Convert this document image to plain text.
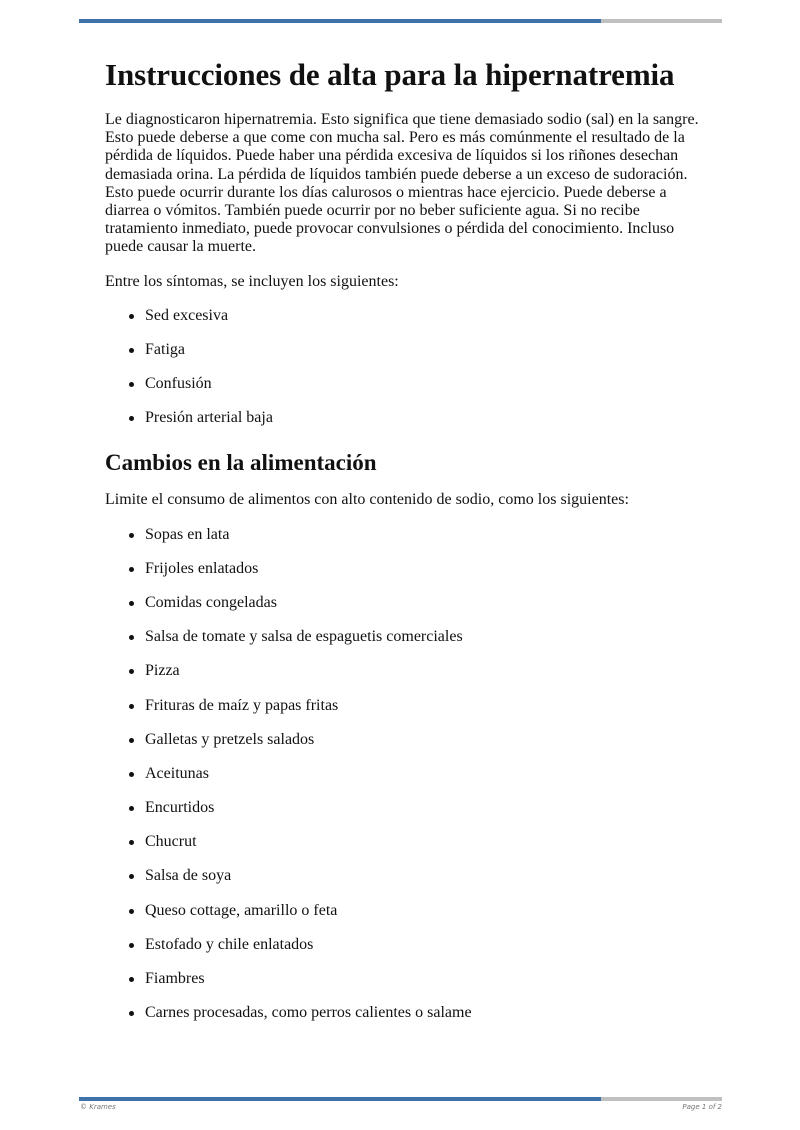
Instrucciones de alta para la hipernatremia

Le diagnosticaron hipernatremia. Esto significa que tiene demasiado sodio (sal) en la sangre. Esto puede deberse a que come con mucha sal. Pero es más comúnmente el resultado de la pérdida de líquidos. Puede haber una pérdida excesiva de líquidos si los riñones desechan demasiada orina. La pérdida de líquidos también puede deberse a un exceso de sudoración. Esto puede ocurrir durante los días calurosos o mientras hace ejercicio. Puede deberse a diarrea o vómitos. También puede ocurrir por no beber suficiente agua. Si no recibe tratamiento inmediato, puede provocar convulsiones o pérdida del conocimiento. Incluso puede causar la muerte.

Entre los síntomas, se incluyen los siguientes:

Sed excesiva
Fatiga
Confusión
Presión arterial baja
Cambios en la alimentación

Limite el consumo de alimentos con alto contenido de sodio, como los siguientes:

Sopas en lata
Frijoles enlatados
Comidas congeladas
Salsa de tomate y salsa de espaguetis comerciales
Pizza
Frituras de maíz y papas fritas
Galletas y pretzels salados
Aceitunas
Encurtidos
Chucrut
Salsa de soya
Queso cottage, amarillo o feta
Estofado y chile enlatados
Fiambres
Carnes procesadas, como perros calientes o salame
© Krames	Page 1 of 2
